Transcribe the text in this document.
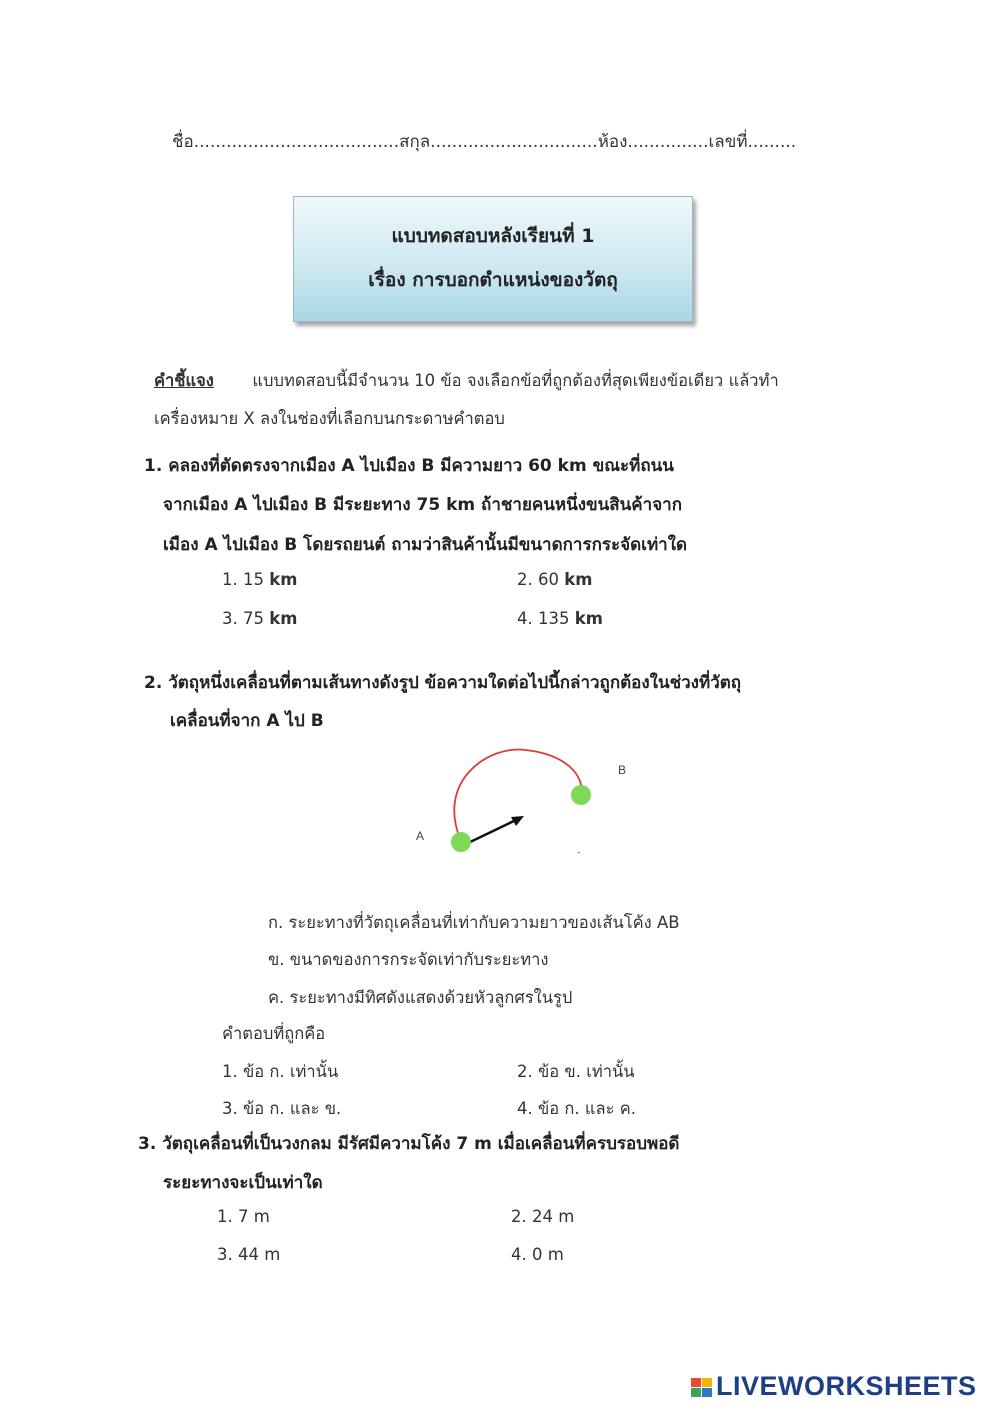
ชื่อ......................................สกุล...............................ห้อง...............เลขที่.........
แบบทดสอบหลังเรียนที่ 1
เรื่อง การบอกตำแหน่งของวัตถุ
คำชี้แจง แบบทดสอบนี้มีจำนวน 10 ข้อ จงเลือกข้อที่ถูกต้องที่สุดเพียงข้อเดียว แล้วทำ
เครื่องหมาย X ลงในช่องที่เลือกบนกระดาษคำตอบ
1. คลองที่ตัดตรงจากเมือง A ไปเมือง B มีความยาว 60 km ขณะที่ถนน
จากเมือง A ไปเมือง B มีระยะทาง 75 km ถ้าชายคนหนึ่งขนสินค้าจาก
เมือง A ไปเมือง B โดยรถยนต์ ถามว่าสินค้านั้นมีขนาดการกระจัดเท่าใด
1. 15 km	2. 60 km
3. 75 km	4. 135 km
2. วัตถุหนึ่งเคลื่อนที่ตามเส้นทางดังรูป ข้อความใดต่อไปนี้กล่าวถูกต้องในช่วงที่วัตถุ
เคลื่อนที่จาก A ไป B
A
B
ก. ระยะทางที่วัตถุเคลื่อนที่เท่ากับความยาวของเส้นโค้ง AB
ข. ขนาดของการกระจัดเท่ากับระยะทาง
ค. ระยะทางมีทิศดังแสดงด้วยหัวลูกศรในรูป
คำตอบที่ถูกคือ
1. ข้อ ก. เท่านั้น	2. ข้อ ข. เท่านั้น
3. ข้อ ก. และ ข.	4. ข้อ ก. และ ค.
3. วัตถุเคลื่อนที่เป็นวงกลม มีรัศมีความโค้ง 7 m เมื่อเคลื่อนที่ครบรอบพอดี
ระยะทางจะเป็นเท่าใด
1. 7 m	2. 24 m
3. 44 m	4. 0 m
LIVEWORKSHEETS
